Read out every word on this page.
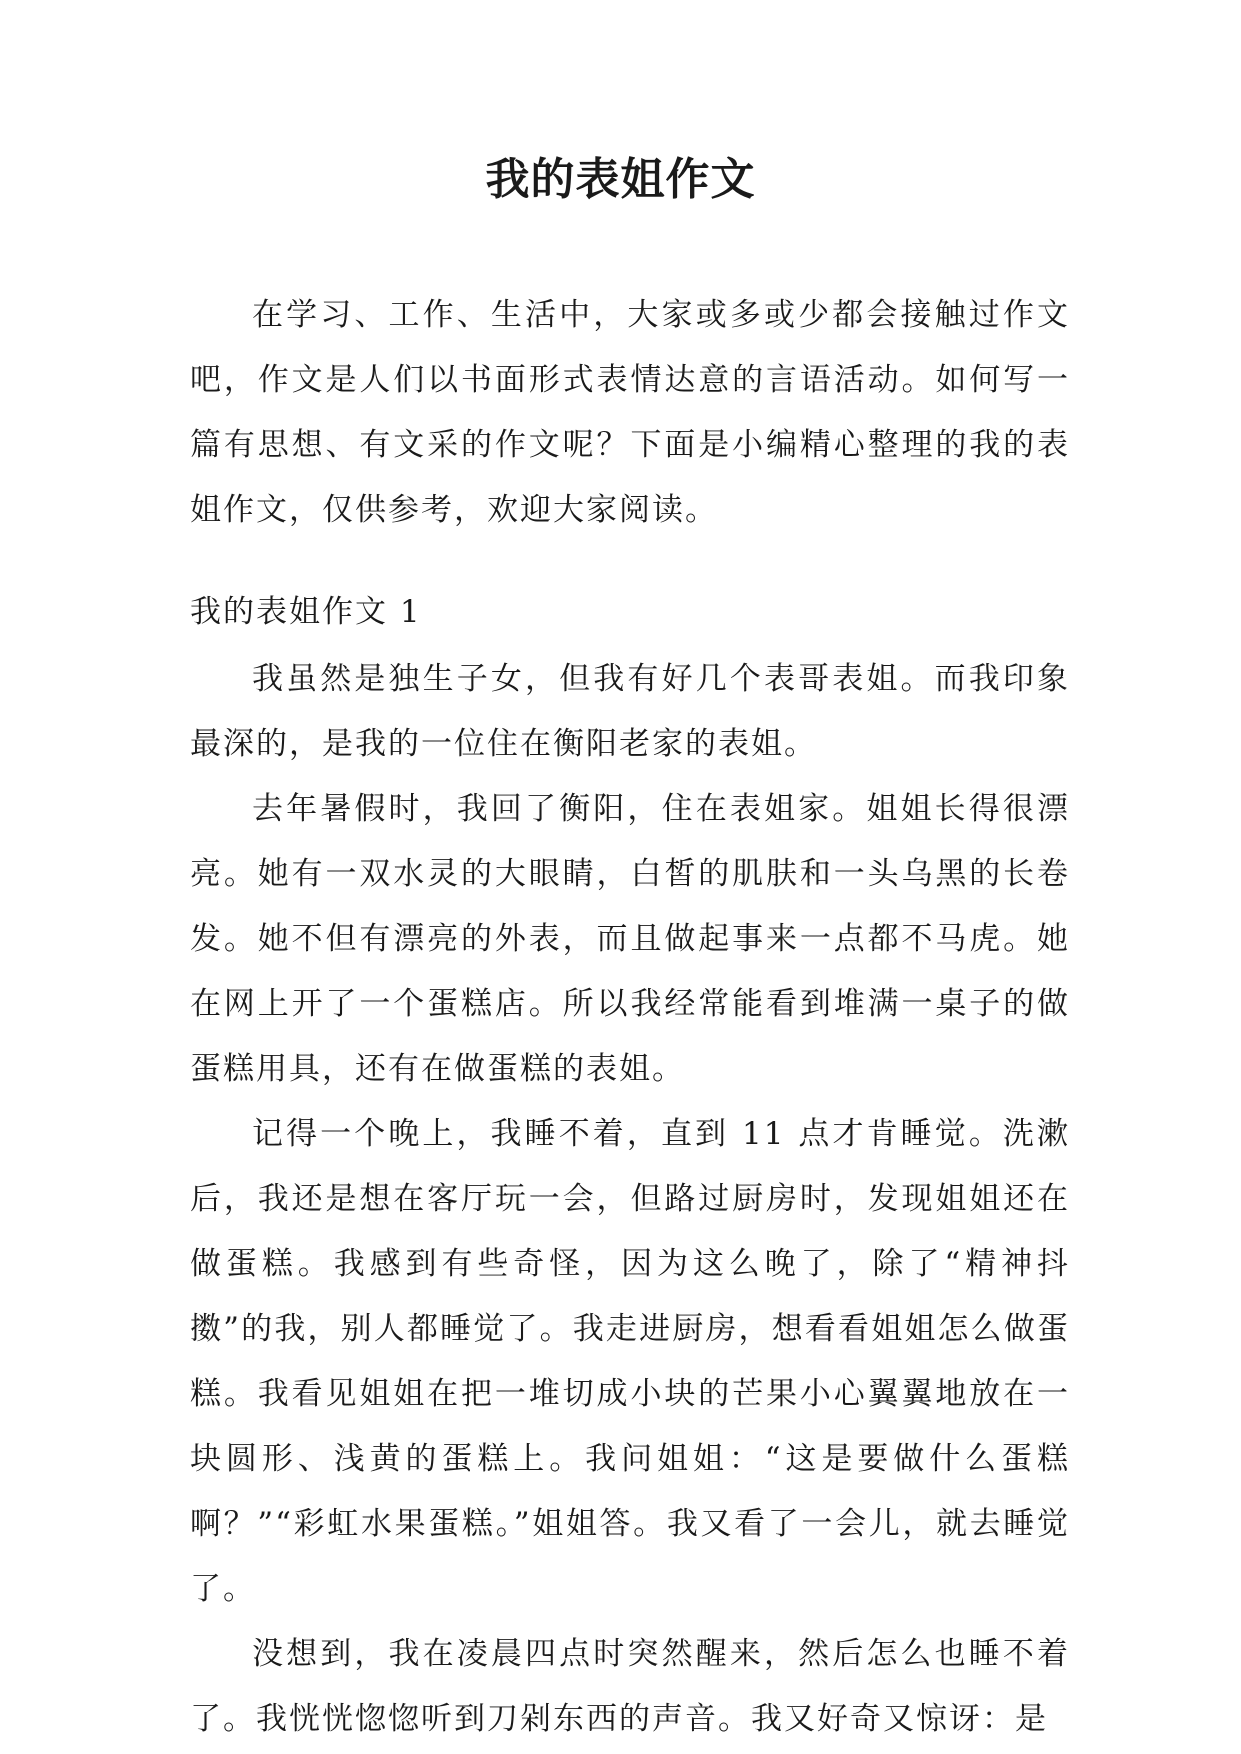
我的表姐作文

在学习、工作、生活中，大家或多或少都会接触过作文吧，作文是人们以书面形式表情达意的言语活动。如何写一篇有思想、有文采的作文呢？下面是小编精心整理的我的表姐作文，仅供参考，欢迎大家阅读。

我的表姐作文 1

我虽然是独生子女，但我有好几个表哥表姐。而我印象最深的，是我的一位住在衡阳老家的表姐。

去年暑假时，我回了衡阳，住在表姐家。姐姐长得很漂亮。她有一双水灵的大眼睛，白皙的肌肤和一头乌黑的长卷发。她不但有漂亮的外表，而且做起事来一点都不马虎。她在网上开了一个蛋糕店。所以我经常能看到堆满一桌子的做蛋糕用具，还有在做蛋糕的表姐。

记得一个晚上，我睡不着，直到 11 点才肯睡觉。洗漱后，我还是想在客厅玩一会，但路过厨房时，发现姐姐还在做蛋糕。我感到有些奇怪，因为这么晚了，除了“精神抖擞”的我，别人都睡觉了。我走进厨房，想看看姐姐怎么做蛋糕。我看见姐姐在把一堆切成小块的芒果小心翼翼地放在一块圆形、浅黄的蛋糕上。我问姐姐：“这是要做什么蛋糕啊？”“彩虹水果蛋糕。”姐姐答。我又看了一会儿，就去睡觉了。

没想到，我在凌晨四点时突然醒来，然后怎么也睡不着了。我恍恍惚惚听到刀剁东西的声音。我又好奇又惊讶：是
